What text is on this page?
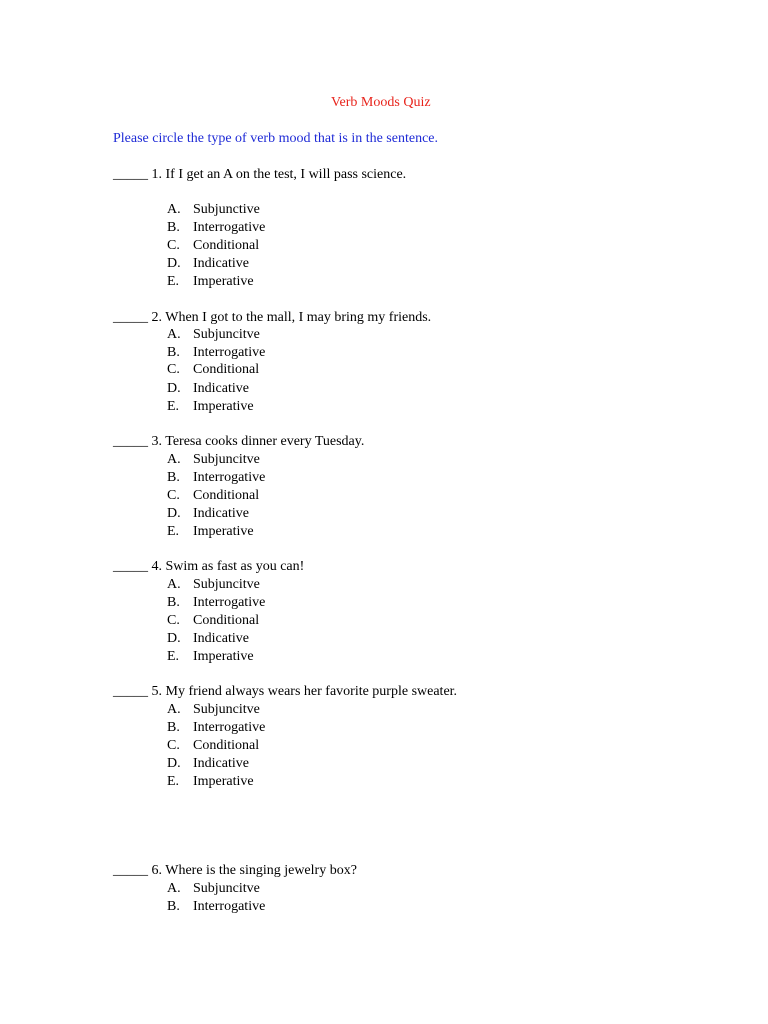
Verb Moods Quiz
Please circle the type of verb mood that is in the sentence.
_____ 1. If I get an A on the test, I will pass science.
A. Subjunctive
B. Interrogative
C. Conditional
D. Indicative
E. Imperative
_____ 2. When I got to the mall, I may bring my friends.
A. Subjuncitve
B. Interrogative
C. Conditional
D. Indicative
E. Imperative
_____ 3. Teresa cooks dinner every Tuesday.
A. Subjuncitve
B. Interrogative
C. Conditional
D. Indicative
E. Imperative
_____ 4. Swim as fast as you can!
A. Subjuncitve
B. Interrogative
C. Conditional
D. Indicative
E. Imperative
_____ 5. My friend always wears her favorite purple sweater.
A. Subjuncitve
B. Interrogative
C. Conditional
D. Indicative
E. Imperative
_____ 6. Where is the singing jewelry box?
A. Subjuncitve
B. Interrogative
